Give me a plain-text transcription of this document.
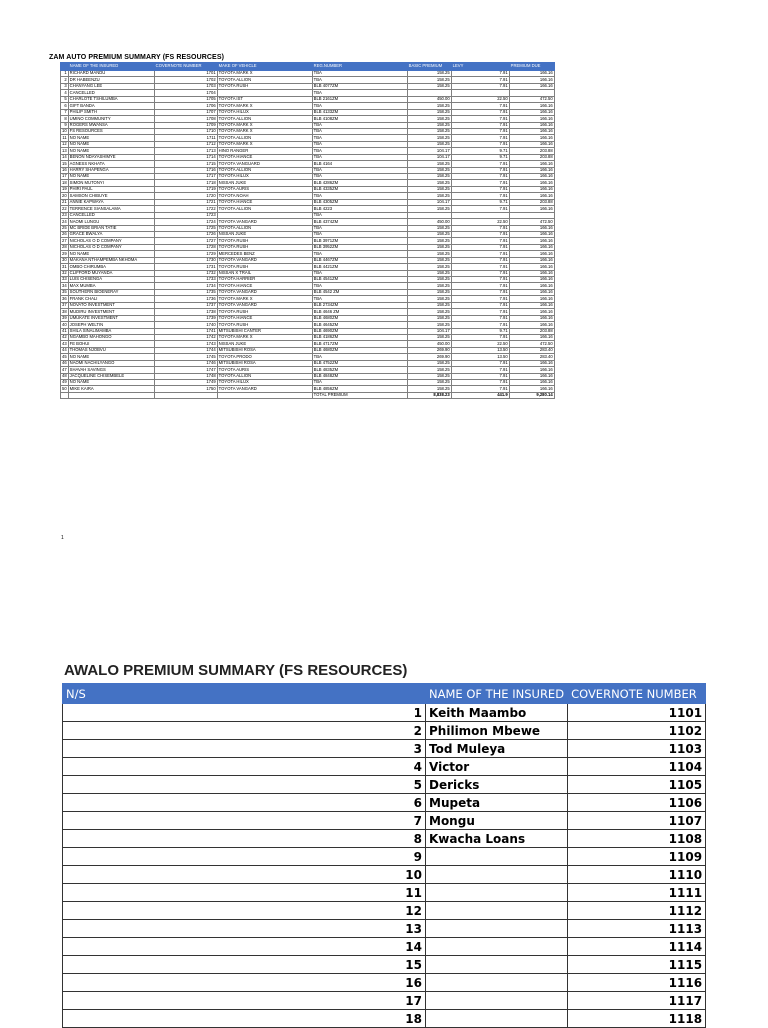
ZAM AUTO PREMIUM SUMMARY (FS RESOURCES)
	NAME OF THE INSURED	COVERNOTE NUMBER	MAKE OF VEHICLE	REG.NUMBER	BASIC PREMIUM	LEVY	PREMIUM DUE
1	RICHARD MANDU	1701	TOYOTA MARK X	TBA	158.25	7.91	166.16
2	DR HABEENZU	1702	TOYOTA ALLION	TBA	158.25	7.91	166.16
3	CHANYANG LEE	1703	TOYOTA RUSH	BLB 4077ZM	158.25	7.91	166.16
4	CANCELLED	1704		TBA			
5	CHARLOTE TSHILUMBA	1705	TOYOTA IST	BLB 2161ZM	450.00	22.50	472.50
6	GIFT BANDA	1706	TOYOTA MARK X	TBA	158.25	7.91	166.16
7	PHILIP SMITH	1707	TOYOTA HILUX	BLB 4133ZM	158.25	7.91	166.16
8	UMINO COMMUNITY	1708	TOYOTA ALLION	BLB 4108ZM	158.25	7.91	166.16
9	ROGERS MWANSA	1709	TOYOTA MARK X	TBA	158.25	7.91	166.16
10	FS RESOURCES	1710	TOYOTA MARK X	TBA	158.25	7.91	166.16
11	NO NAME	1711	TOYOTA ALLION	TBA	158.25	7.91	166.16
12	NO NAME	1712	TOYOTA MARK X	TBA	158.25	7.91	166.16
13	NO NAME	1713	HINO RANGER	TBA	104.17	9.71	203.88
14	BENON NDAYASHIMYE	1714	TOYOTA HIANCE	TBA	104.17	9.71	203.88
15	AGNESS NKHATA	1715	TOYOTA VANGUARD	BLB 4164	158.25	7.91	166.16
16	HARRY SHAPENGA	1716	TOYOTA ALLION	TBA	158.25	7.91	166.16
17	NO NAME	1717	TOYOTA HILUX	TBA	158.25	7.91	166.16
18	SIMON MUTONYI	1718	NISSAN JUKE	BLB 4286ZM	158.25	7.91	166.16
19	PHIRI PAUL	1719	TOYOTA AURIS	BLB 4335ZM	158.25	7.91	166.16
20	SAMSON CHIBUYE	1720	TOYOTA NOAH	TBA	158.25	7.91	166.16
21	ANNIE KAPWAYA	1721	TOYOTA HIANCE	BLB 4305ZM	104.17	9.71	203.88
22	TERRENCE SIANSALAMA	1722	TOYOTA ALLION	BLB 4223	158.25	7.91	166.16
23	CANCELLED	1723		TBA			
24	NAOMI LUNGU	1724	TOYOTA VANGARD	BLB 4374ZM	450.00	22.50	472.50
25	MC BRIDE BRIAN TATIE	1725	TOYOTA ALLION	TBA	158.25	7.91	166.16
26	GRACE BWALYA	1726	NISSAN JUKE	TBA	158.25	7.91	166.16
27	NICHOLAS O D COMPANY	1727	TOYOTA RUSH	BLB 3971ZM	158.25	7.91	166.16
28	NICHOLAS O D COMPANY	1728	TOYOTA RUSH	BLB 3952ZM	158.25	7.91	166.16
29	NO NAME	1729	MERCEDES BENZ	TBA	158.25	7.91	166.16
30	MAKANA NTHAMPEMBA NKHOMA	1730	TOYOTA VANGARD	BLB 4467ZM	158.25	7.91	166.16
31	OMBO CHIRUMBA	1731	TOYOTA RUSH	BLB 4421ZM	158.25	7.91	166.16
32	CLIFFORD MUYANDA	1732	NISSAN X TRAIL	TBA	158.25	7.91	166.16
33	LUIS CHISENGA	1733	TOYOTA HARRIER	BLB 4541ZM	158.25	7.91	166.16
34	MAX MUMBA	1734	TOYOTA HIANCE	TBA	158.25	7.91	166.16
35	SOUTHERN BIOENERAY	1735	TOYOTA VANGARD	BLB 4542 ZM	158.25	7.91	166.16
36	FRANK CHALI	1736	TOYOTA MARK X	TBA	158.25	7.91	166.16
37	NOVATO INVESTMENT	1737	TOYOTA VANGARD	BLB 2734ZM	158.25	7.91	166.16
38	MUDIRU INVESTMENT	1738	TOYOTA RUSH	BLB 4646 ZM	158.25	7.91	166.16
39	UMUKATE INVESTMENT	1739	TOYOTA HIANCE	BLB 4680ZM	158.25	7.91	166.16
40	JOSEPH WELTIN	1740	TOYOTA RUSH	BLB 4645ZM	158.25	7.91	166.16
41	SHILA SINALIMAMBA	1741	MITSUBISHI CANTER	BLB 4690ZM	104.17	9.71	203.88
42	NGAMBO MAHONGO	1742	TOYOTA MARK X	BLB 4186ZM	158.25	7.91	166.16
43	FE BOHUI	1743	NISSAN JUKE	BLB 4717ZM	450.00	22.50	472.50
44	THOMAS NJOBVU	1744	MITSUBISHI ROSA	BLB 4680ZM	269.90	13.50	283.40
45	NO NAME	1745	TOYOTA PRODO	TBA	269.90	13.50	283.40
46	NAOMI NACHILYANGO	1746	MITSUBISHI ROSA	BLB 4752ZM	158.25	7.91	166.16
47	SHAVAH SAVINGS	1747	TOYOTA AURIS	BLB 4835ZM	158.25	7.91	166.16
48	JACQUELINE CHISEMBELE	1748	TOYOTA ALLION	BLB 4848ZM	158.25	7.91	166.16
49	NO NAME	1749	TOYOTA HILUX	TBA	158.25	7.91	166.16
50	MIKE KAIRA	1750	TOYOTA VANGARD	BLB 4856ZM	158.25	7.91	166.16
				TOTAL PREMIUM	8,838.23	441.9	9,280.14
1
AWALO PREMIUM SUMMARY (FS RESOURCES)
N/S	NAME OF THE INSURED	COVERNOTE NUMBER
1	Keith Maambo	1101
2	Philimon Mbewe	1102
3	Tod Muleya	1103
4	Victor	1104
5	Dericks	1105
6	Mupeta	1106
7	Mongu	1107
8	Kwacha Loans	1108
9		1109
10		1110
11		1111
12		1112
13		1113
14		1114
15		1115
16		1116
17		1117
18		1118
